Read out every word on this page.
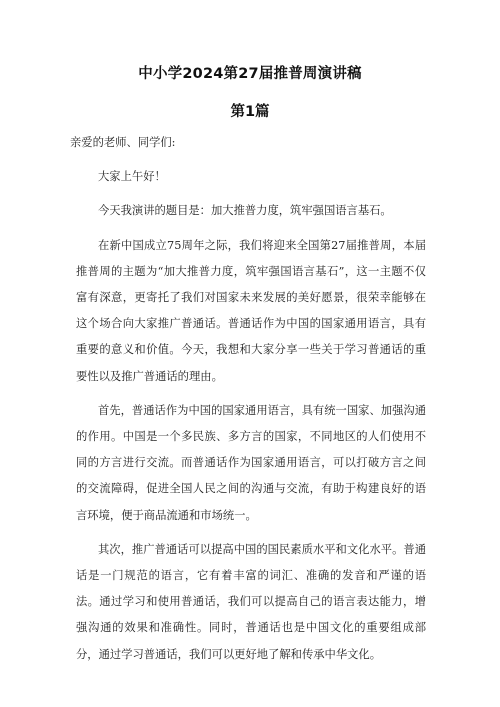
中小学2024第27届推普周演讲稿
第1篇

亲爱的老师、同学们:

大家上午好！

今天我演讲的题目是：加大推普力度，筑牢强国语言基石。

在新中国成立75周年之际，我们将迎来全国第27届推普周，本届推普周的主题为“加大推普力度，筑牢强国语言基石”，这一主题不仅富有深意，更寄托了我们对国家未来发展的美好愿景，很荣幸能够在这个场合向大家推广普通话。普通话作为中国的国家通用语言，具有重要的意义和价值。今天，我想和大家分享一些关于学习普通话的重要性以及推广普通话的理由。

首先，普通话作为中国的国家通用语言，具有统一国家、加强沟通的作用。中国是一个多民族、多方言的国家，不同地区的人们使用不同的方言进行交流。而普通话作为国家通用语言，可以打破方言之间的交流障碍，促进全国人民之间的沟通与交流，有助于构建良好的语言环境，便于商品流通和市场统一。

其次，推广普通话可以提高中国的国民素质水平和文化水平。普通话是一门规范的语言，它有着丰富的词汇、准确的发音和严谨的语法。通过学习和使用普通话，我们可以提高自己的语言表达能力，增强沟通的效果和准确性。同时，普通话也是中国文化的重要组成部分，通过学习普通话，我们可以更好地了解和传承中华文化。
